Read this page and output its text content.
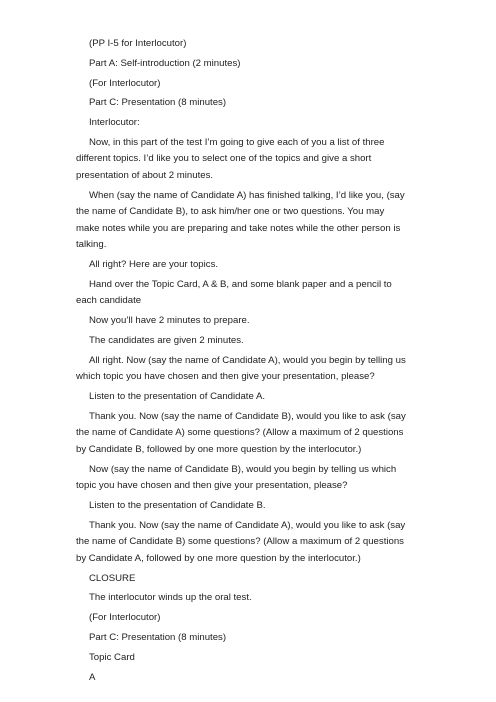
(PP I-5 for Interlocutor)

Part A: Self-introduction (2 minutes)

(For Interlocutor)

Part C: Presentation (8 minutes)

Interlocutor:

Now, in this part of the test I’m going to give each of you a list of three different topics. I’d like you to select one of the topics and give a short presentation of about 2 minutes.

When (say the name of Candidate A) has finished talking, I’d like you, (say the name of Candidate B), to ask him/her one or two questions. You may make notes while you are preparing and take notes while the other person is talking.

All right? Here are your topics.

Hand over the Topic Card, A & B, and some blank paper and a pencil to each candidate

Now you’ll have 2 minutes to prepare.

The candidates are given 2 minutes.

All right. Now (say the name of Candidate A), would you begin by telling us which topic you have chosen and then give your presentation, please?

Listen to the presentation of Candidate A.

Thank you. Now (say the name of Candidate B), would you like to ask (say the name of Candidate A) some questions? (Allow a maximum of 2 questions by Candidate B, followed by one more question by the interlocutor.)

Now (say the name of Candidate B), would you begin by telling us which topic you have chosen and then give your presentation, please?

Listen to the presentation of Candidate B.

Thank you. Now (say the name of Candidate A), would you like to ask (say the name of Candidate B) some questions? (Allow a maximum of 2 questions by Candidate A, followed by one more question by the interlocutor.)

CLOSURE

The interlocutor winds up the oral test.

(For Interlocutor)

Part C: Presentation (8 minutes)

Topic Card

A
